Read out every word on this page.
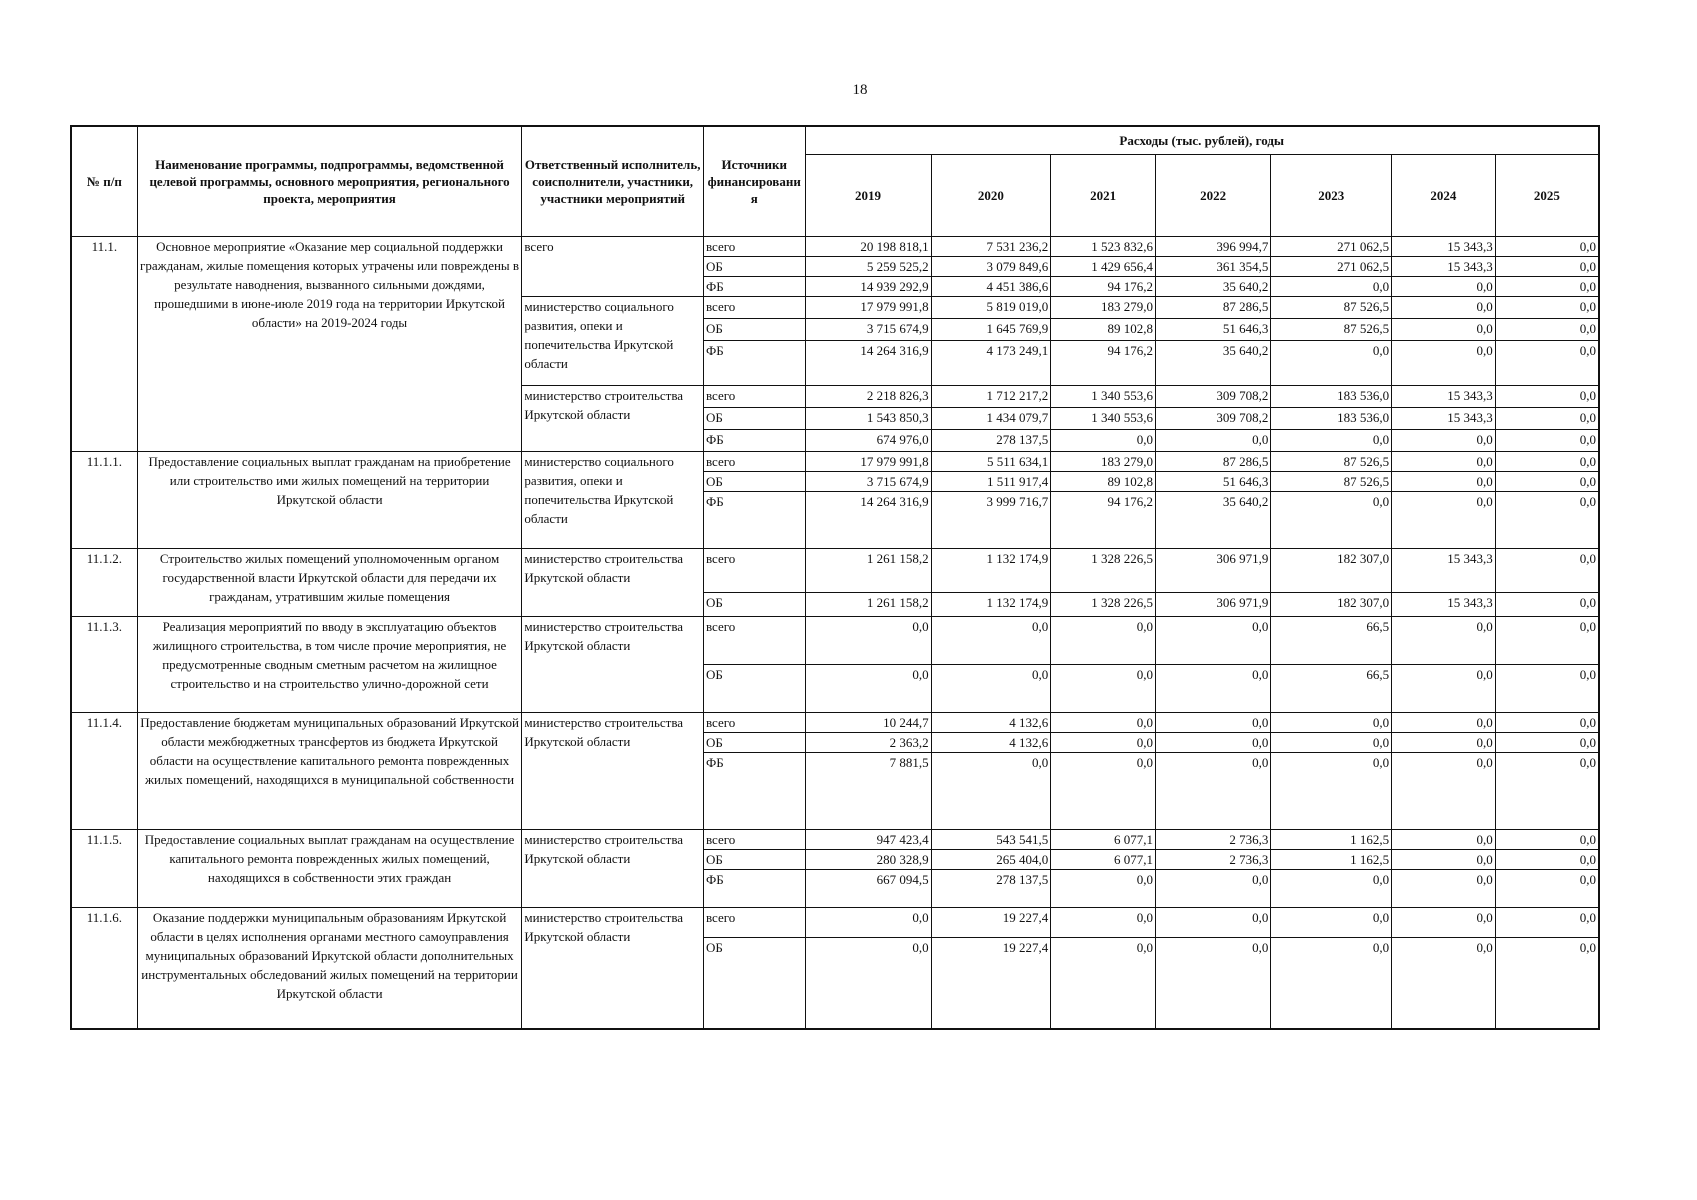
18
№ п/п	Наименование программы, подпрограммы, ведомственной целевой программы, основного мероприятия, регионального проекта, мероприятия	Ответственный исполнитель, соисполнители, участники, участники мероприятий	Источники финансирования	Расходы (тыс. рублей), годы						
				2019	2020	2021	2022	2023	2024	2025
11.1.	Основное мероприятие «Оказание мер социальной поддержки гражданам, жилые помещения которых утрачены или повреждены в результате наводнения, вызванного сильными дождями, прошедшими в июне-июле 2019 года на территории Иркутской области» на 2019-2024 годы	всего	всего	20 198 818,1	7 531 236,2	1 523 832,6	396 994,7	271 062,5	15 343,3	0,0
			ОБ	5 259 525,2	3 079 849,6	1 429 656,4	361 354,5	271 062,5	15 343,3	0,0
			ФБ	14 939 292,9	4 451 386,6	94 176,2	35 640,2	0,0	0,0	0,0
		министерство социального развития, опеки и попечительства Иркутской области	всего	17 979 991,8	5 819 019,0	183 279,0	87 286,5	87 526,5	0,0	0,0
			ОБ	3 715 674,9	1 645 769,9	89 102,8	51 646,3	87 526,5	0,0	0,0
			ФБ	14 264 316,9	4 173 249,1	94 176,2	35 640,2	0,0	0,0	0,0
		министерство строительства Иркутской области	всего	2 218 826,3	1 712 217,2	1 340 553,6	309 708,2	183 536,0	15 343,3	0,0
			ОБ	1 543 850,3	1 434 079,7	1 340 553,6	309 708,2	183 536,0	15 343,3	0,0
			ФБ	674 976,0	278 137,5	0,0	0,0	0,0	0,0	0,0
11.1.1.	Предоставление социальных выплат гражданам на приобретение или строительство ими жилых помещений на территории Иркутской области	министерство социального развития, опеки и попечительства Иркутской области	всего	17 979 991,8	5 511 634,1	183 279,0	87 286,5	87 526,5	0,0	0,0
			ОБ	3 715 674,9	1 511 917,4	89 102,8	51 646,3	87 526,5	0,0	0,0
			ФБ	14 264 316,9	3 999 716,7	94 176,2	35 640,2	0,0	0,0	0,0
11.1.2.	Строительство жилых помещений уполномоченным органом государственной власти Иркутской области для передачи их гражданам, утратившим жилые помещения	министерство строительства Иркутской области	всего	1 261 158,2	1 132 174,9	1 328 226,5	306 971,9	182 307,0	15 343,3	0,0
			ОБ	1 261 158,2	1 132 174,9	1 328 226,5	306 971,9	182 307,0	15 343,3	0,0
11.1.3.	Реализация мероприятий по вводу в эксплуатацию объектов жилищного строительства, в том числе прочие мероприятия, не предусмотренные сводным сметным расчетом на жилищное строительство и на строительство улично-дорожной сети	министерство строительства Иркутской области	всего	0,0	0,0	0,0	0,0	66,5	0,0	0,0
			ОБ	0,0	0,0	0,0	0,0	66,5	0,0	0,0
11.1.4.	Предоставление бюджетам муниципальных образований Иркутской области межбюджетных трансфертов из бюджета Иркутской области на осуществление капитального ремонта поврежденных жилых помещений, находящихся в муниципальной собственности	министерство строительства Иркутской области	всего	10 244,7	4 132,6	0,0	0,0	0,0	0,0	0,0
			ОБ	2 363,2	4 132,6	0,0	0,0	0,0	0,0	0,0
			ФБ	7 881,5	0,0	0,0	0,0	0,0	0,0	0,0
11.1.5.	Предоставление социальных выплат гражданам на осуществление капитального ремонта поврежденных жилых помещений, находящихся в собственности этих граждан	министерство строительства Иркутской области	всего	947 423,4	543 541,5	6 077,1	2 736,3	1 162,5	0,0	0,0
			ОБ	280 328,9	265 404,0	6 077,1	2 736,3	1 162,5	0,0	0,0
			ФБ	667 094,5	278 137,5	0,0	0,0	0,0	0,0	0,0
11.1.6.	Оказание поддержки муниципальным образованиям Иркутской области в целях исполнения органами местного самоуправления муниципальных образований Иркутской области дополнительных инструментальных обследований жилых помещений на территории Иркутской области	министерство строительства Иркутской области	всего	0,0	19 227,4	0,0	0,0	0,0	0,0	0,0
			ОБ	0,0	19 227,4	0,0	0,0	0,0	0,0	0,0
